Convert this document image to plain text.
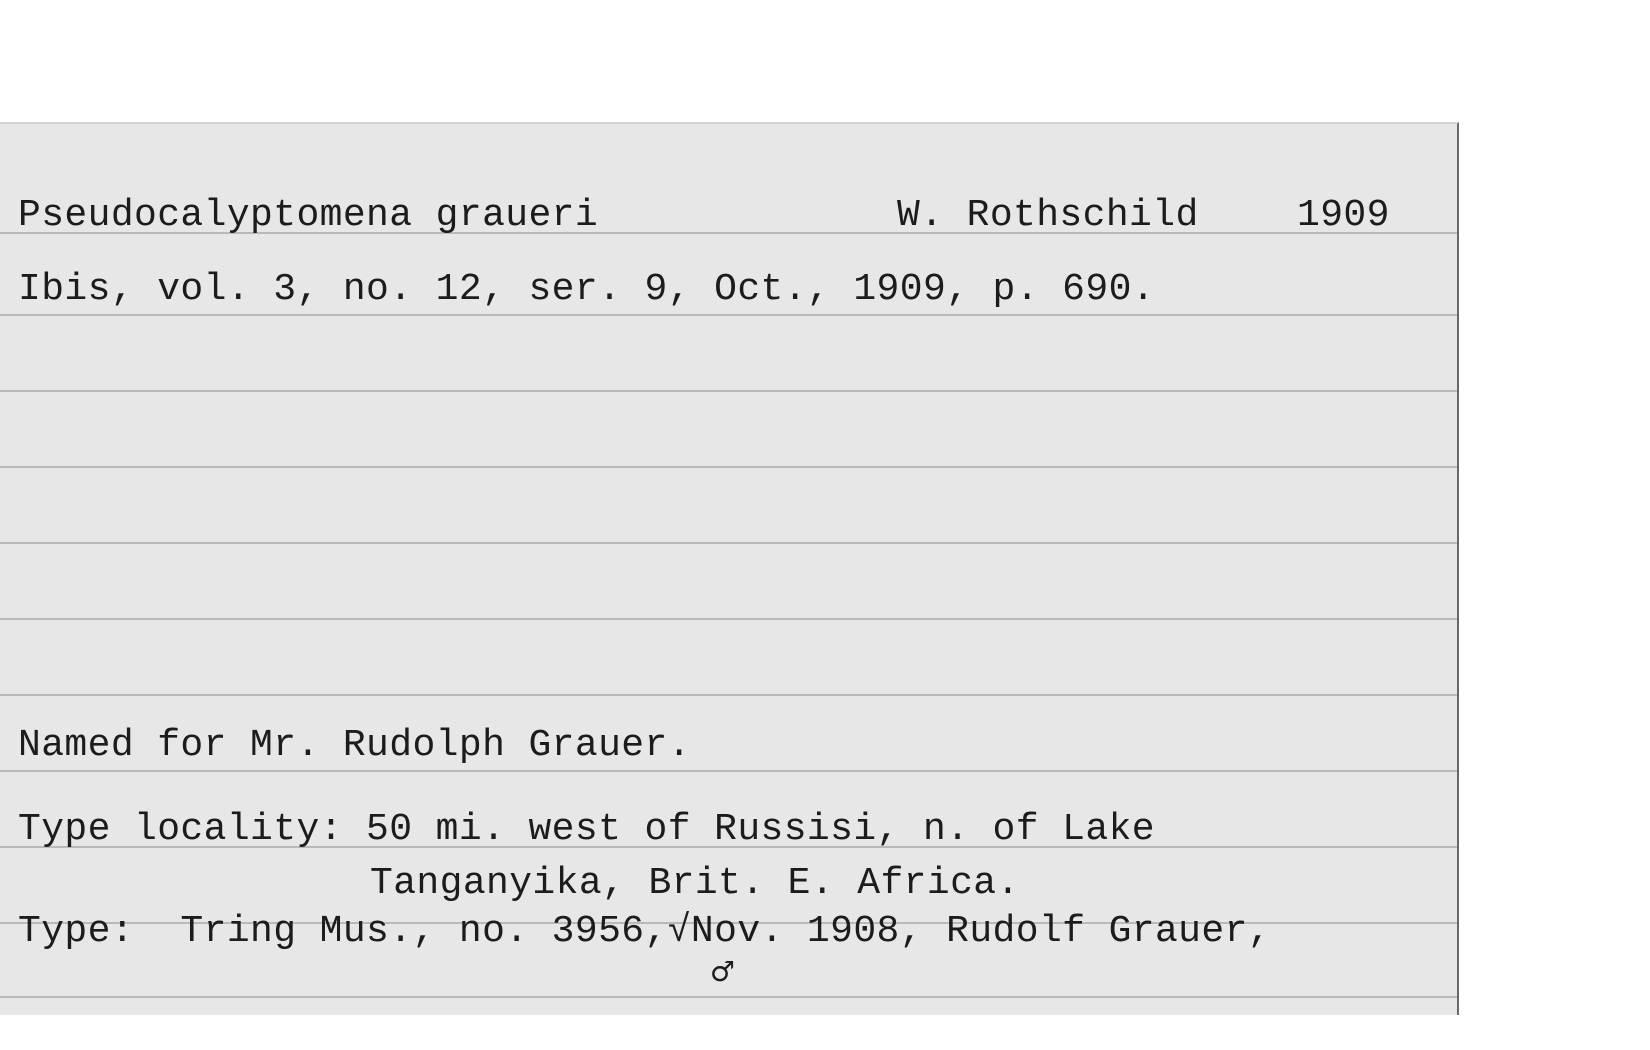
Pseudocalyptomena graueri	W. Rothschild	1909
Ibis, vol. 3, no. 12, ser. 9, Oct., 1909, p. 690.
Named for Mr. Rudolph Grauer.
Type locality: 50 mi. west of Russisi, n. of Lake
Tanganyika, Brit. E. Africa.
Type:  Tring Mus., no. 3956,√Nov. 1908, Rudolf Grauer,
♂
